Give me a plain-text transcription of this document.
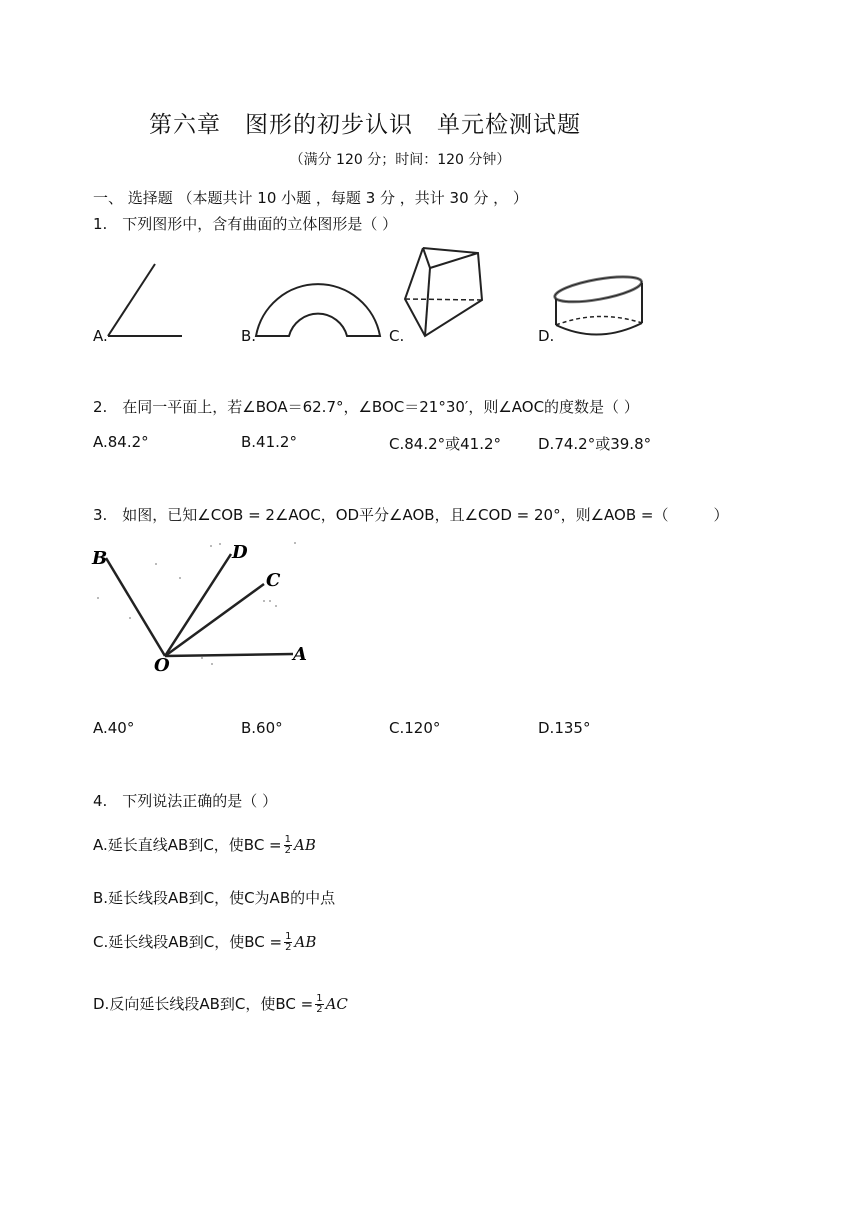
第六章　图形的初步认识　单元检测试题
（满分 120 分；时间：120 分钟）
一、 选择题 （本题共计 10 小题 ，每题 3 分 ，共计 30 分 ， ）
1.　下列图形中，含有曲面的立体图形是（ ）
A.	B.	C.	D.
2.　在同一平面上，若∠BOA＝62.7°，∠BOC＝21°30′，则∠AOC的度数是（ ）
A.84.2°	B.41.2°	C.84.2°或41.2° D.74.2°或39.8°
3.　如图，已知∠COB = 2∠AOC，OD平分∠AOB，且∠COD = 20°，则∠AOB =（　　　）
B	D
C
O
A
A.40°	B.60°	C.120°	D.135°
4.　下列说法正确的是（ ）
A.延长直线AB到C，使BC = $\frac{1}{2}$ AB
B.延长线段AB到C，使C为AB的中点
C.延长线段AB到C，使BC = $\frac{1}{2}$ AB
D.反向延长线段AB到C，使BC = $\frac{1}{2}$ AC
